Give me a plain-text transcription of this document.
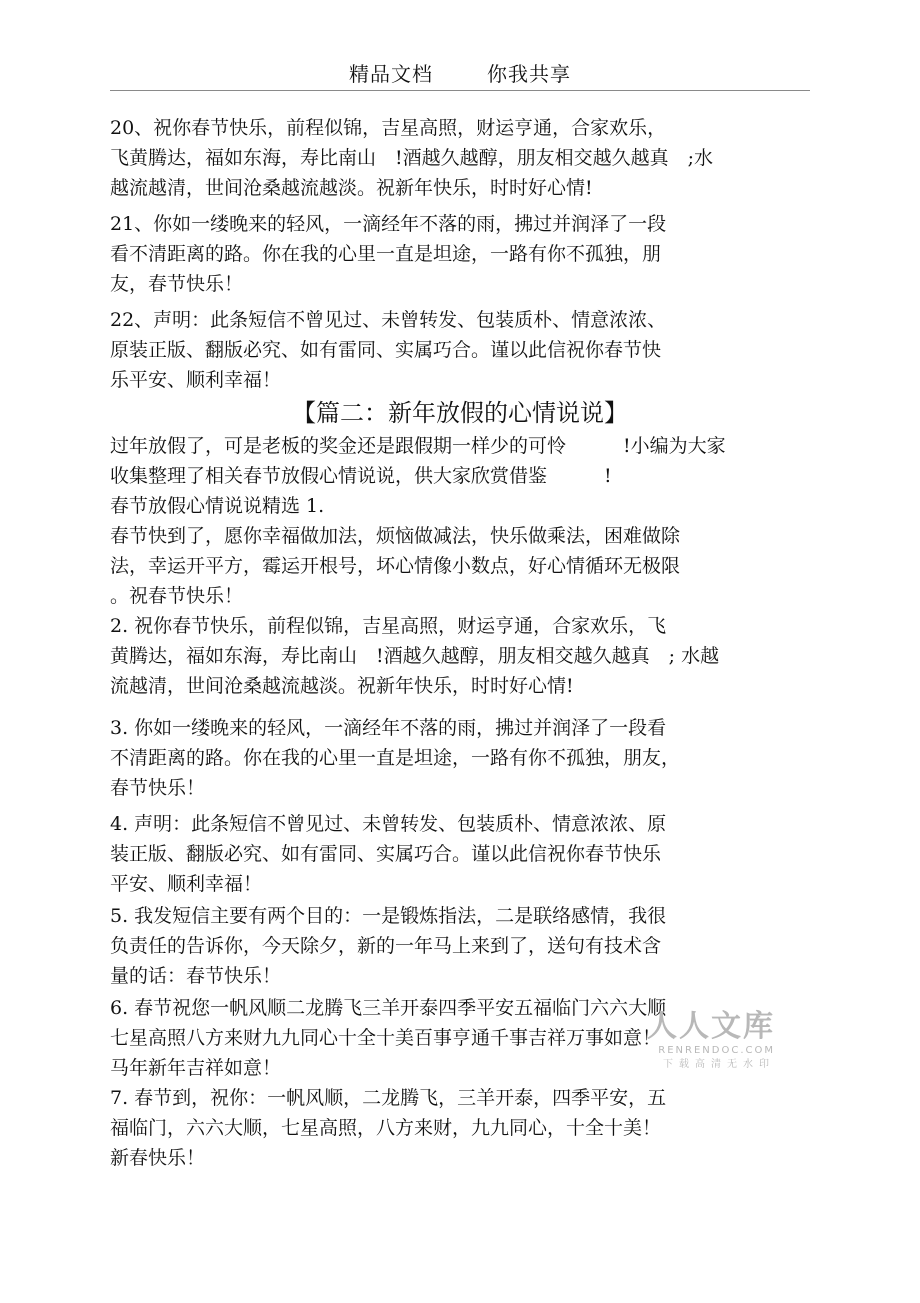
精品文档	你我共享

20、祝你春节快乐，前程似锦，吉星高照，财运亨通，合家欢乐，

飞黄腾达，福如东海，寿比南山　!酒越久越醇，朋友相交越久越真　;水

越流越清，世间沧桑越流越淡。祝新年快乐，时时好心情!

21、你如一缕晚来的轻风，一滴经年不落的雨，拂过并润泽了一段

看不清距离的路。你在我的心里一直是坦途，一路有你不孤独，朋

友，春节快乐！

22、声明：此条短信不曾见过、未曾转发、包装质朴、情意浓浓、

原装正版、翻版必究、如有雷同、实属巧合。谨以此信祝你春节快

乐平安、顺利幸福！

【篇二：新年放假的心情说说】

过年放假了，可是老板的奖金还是跟假期一样少的可怜　　　!小编为大家

收集整理了相关春节放假心情说说，供大家欣赏借鉴　　　!

春节放假心情说说精选 1.

春节快到了，愿你幸福做加法，烦恼做减法，快乐做乘法，困难做除

法，幸运开平方，霉运开根号，坏心情像小数点，好心情循环无极限

。祝春节快乐！

2. 祝你春节快乐，前程似锦，吉星高照，财运亨通，合家欢乐，飞

黄腾达，福如东海，寿比南山　!酒越久越醇，朋友相交越久越真　; 水越

流越清，世间沧桑越流越淡。祝新年快乐，时时好心情!

3. 你如一缕晚来的轻风，一滴经年不落的雨，拂过并润泽了一段看

不清距离的路。你在我的心里一直是坦途，一路有你不孤独，朋友，

春节快乐！

4. 声明：此条短信不曾见过、未曾转发、包装质朴、情意浓浓、原

装正版、翻版必究、如有雷同、实属巧合。谨以此信祝你春节快乐

平安、顺利幸福！

5. 我发短信主要有两个目的：一是锻炼指法，二是联络感情，我很

负责任的告诉你，今天除夕，新的一年马上来到了，送句有技术含

量的话：春节快乐！

6. 春节祝您一帆风顺二龙腾飞三羊开泰四季平安五福临门六六大顺

七星高照八方来财九九同心十全十美百事亨通千事吉祥万事如意！

马年新年吉祥如意！

7. 春节到，祝你：一帆风顺，二龙腾飞，三羊开泰，四季平安，五

福临门，六六大顺，七星高照，八方来财，九九同心，十全十美！

新春快乐！

人人文库
RENRENDOC.COM
下载高清无水印
